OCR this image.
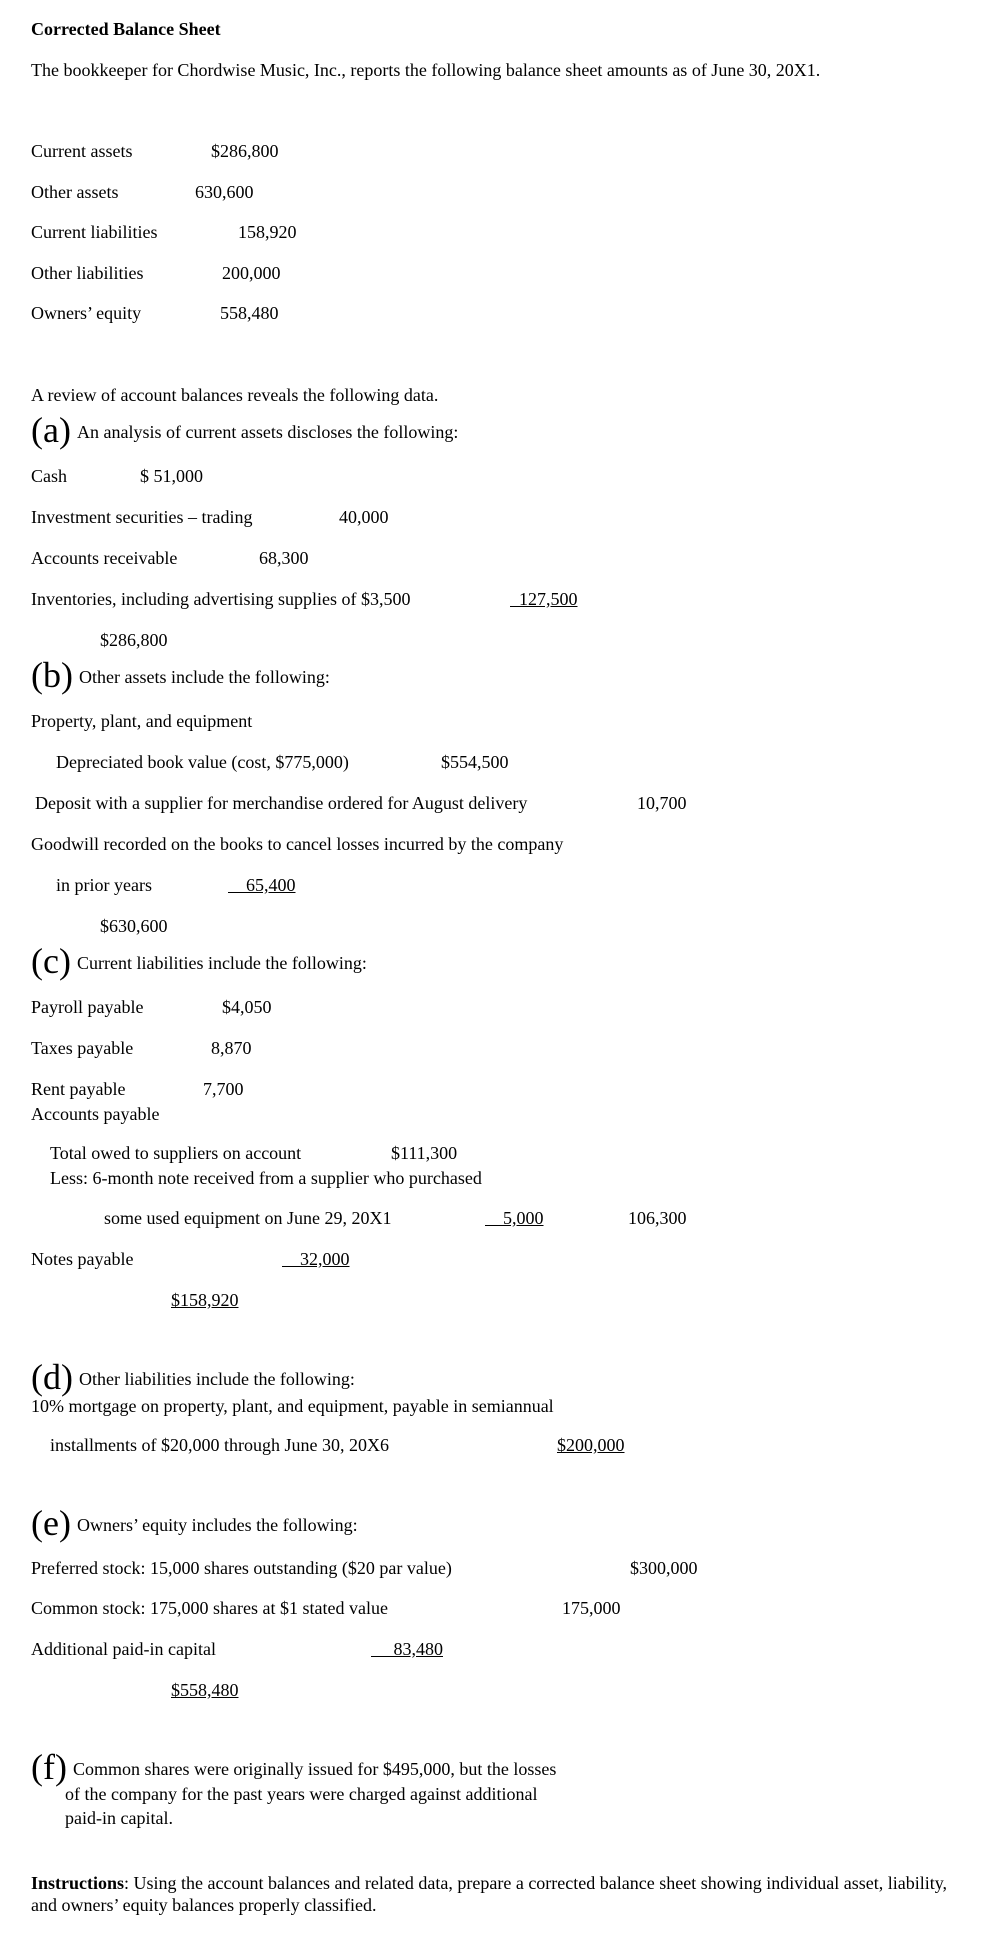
Corrected Balance Sheet
The bookkeeper for Chordwise Music, Inc., reports the following balance sheet amounts as of June 30, 20X1.
Current assets	$286,800
Other assets	630,600
Current liabilities	158,920
Other liabilities	200,000
Owners’ equity	558,480
A review of account balances reveals the following data.
(a) An analysis of current assets discloses the following:
Cash	$ 51,000
Investment securities – trading	40,000
Accounts receivable	68,300
Inventories, including advertising supplies of $3,500	127,500
$286,800
(b) Other assets include the following:
Property, plant, and equipment
Depreciated book value (cost, $775,000)	$554,500
Deposit with a supplier for merchandise ordered for August delivery	10,700
Goodwill recorded on the books to cancel losses incurred by the company
in prior years	65,400
$630,600
(c) Current liabilities include the following:
Payroll payable	$4,050
Taxes payable	8,870
Rent payable	7,700
Accounts payable
Total owed to suppliers on account	$111,300
Less: 6-month note received from a supplier who purchased
some used equipment on June 29, 20X1	5,000	106,300
Notes payable	32,000
$158,920
(d) Other liabilities include the following:
10% mortgage on property, plant, and equipment, payable in semiannual
installments of $20,000 through June 30, 20X6	$200,000
(e) Owners’ equity includes the following:
Preferred stock: 15,000 shares outstanding ($20 par value)	$300,000
Common stock: 175,000 shares at $1 stated value	175,000
Additional paid-in capital	83,480
$558,480
(f) Common shares were originally issued for $495,000, but the losses
of the company for the past years were charged against additional
paid-in capital.
Instructions: Using the account balances and related data, prepare a corrected balance sheet showing individual asset, liability, and owners’ equity balances properly classified.
